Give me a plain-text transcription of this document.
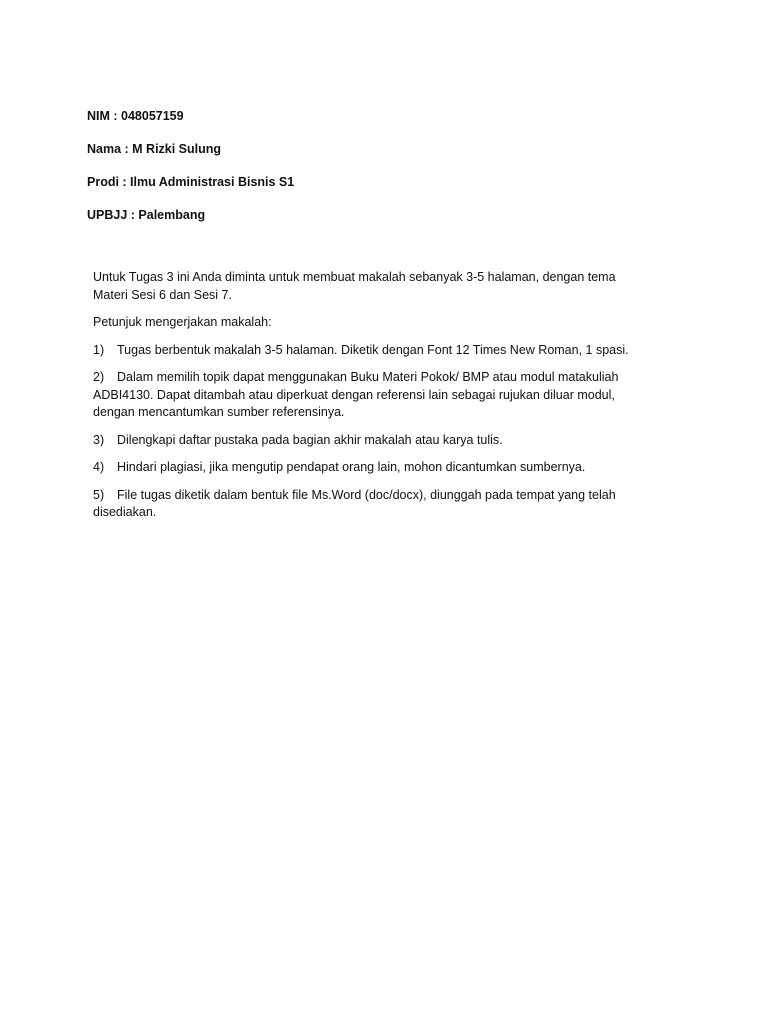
NIM : 048057159
Nama : M Rizki Sulung
Prodi : Ilmu Administrasi Bisnis S1
UPBJJ : Palembang

Untuk Tugas 3 ini Anda diminta untuk membuat makalah sebanyak 3-5 halaman, dengan tema Materi Sesi 6 dan Sesi 7.

Petunjuk mengerjakan makalah:

1) Tugas berbentuk makalah 3-5 halaman. Diketik dengan Font 12 Times New Roman, 1 spasi.
2) Dalam memilih topik dapat menggunakan Buku Materi Pokok/ BMP atau modul matakuliah ADBI4130. Dapat ditambah atau diperkuat dengan referensi lain sebagai rujukan diluar modul, dengan mencantumkan sumber referensinya.
3) Dilengkapi daftar pustaka pada bagian akhir makalah atau karya tulis.
4) Hindari plagiasi, jika mengutip pendapat orang lain, mohon dicantumkan sumbernya.
5) File tugas diketik dalam bentuk file Ms.Word (doc/docx), diunggah pada tempat yang telah disediakan.
